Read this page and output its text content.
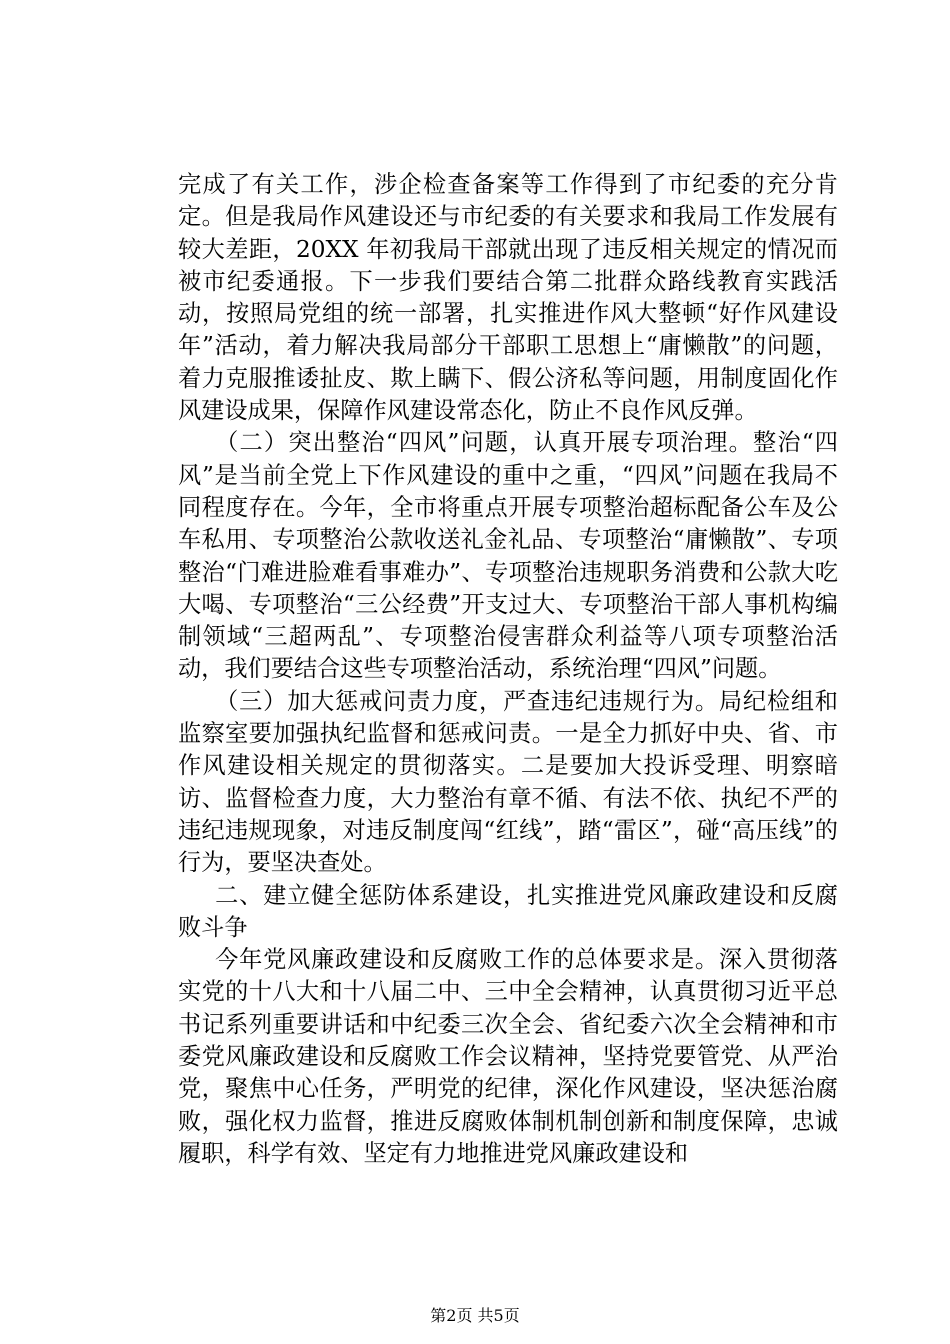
完成了有关工作，涉企检查备案等工作得到了市纪委的充分肯定。但是我局作风建设还与市纪委的有关要求和我局工作发展有较大差距，20XX 年初我局干部就出现了违反相关规定的情况而被市纪委通报。下一步我们要结合第二批群众路线教育实践活动，按照局党组的统一部署，扎实推进作风大整顿“好作风建设年”活动，着力解决我局部分干部职工思想上“庸懒散”的问题，着力克服推诿扯皮、欺上瞒下、假公济私等问题，用制度固化作风建设成果，保障作风建设常态化，防止不良作风反弹。

（二）突出整治“四风”问题，认真开展专项治理。整治“四风”是当前全党上下作风建设的重中之重，“四风”问题在我局不同程度存在。今年，全市将重点开展专项整治超标配备公车及公车私用、专项整治公款收送礼金礼品、专项整治“庸懒散”、专项整治“门难进脸难看事难办”、专项整治违规职务消费和公款大吃大喝、专项整治“三公经费”开支过大、专项整治干部人事机构编制领域“三超两乱”、专项整治侵害群众利益等八项专项整治活动，我们要结合这些专项整治活动，系统治理“四风”问题。

（三）加大惩戒问责力度，严查违纪违规行为。局纪检组和监察室要加强执纪监督和惩戒问责。一是全力抓好中央、省、市作风建设相关规定的贯彻落实。二是要加大投诉受理、明察暗访、监督检查力度，大力整治有章不循、有法不依、执纪不严的违纪违规现象，对违反制度闯“红线”，踏“雷区”，碰“高压线”的行为，要坚决查处。

二、建立健全惩防体系建设，扎实推进党风廉政建设和反腐败斗争

今年党风廉政建设和反腐败工作的总体要求是。深入贯彻落实党的十八大和十八届二中、三中全会精神，认真贯彻习近平总书记系列重要讲话和中纪委三次全会、省纪委六次全会精神和市委党风廉政建设和反腐败工作会议精神，坚持党要管党、从严治党，聚焦中心任务，严明党的纪律，深化作风建设，坚决惩治腐败，强化权力监督，推进反腐败体制机制创新和制度保障，忠诚履职，科学有效、坚定有力地推进党风廉政建设和

第2页 共5页
